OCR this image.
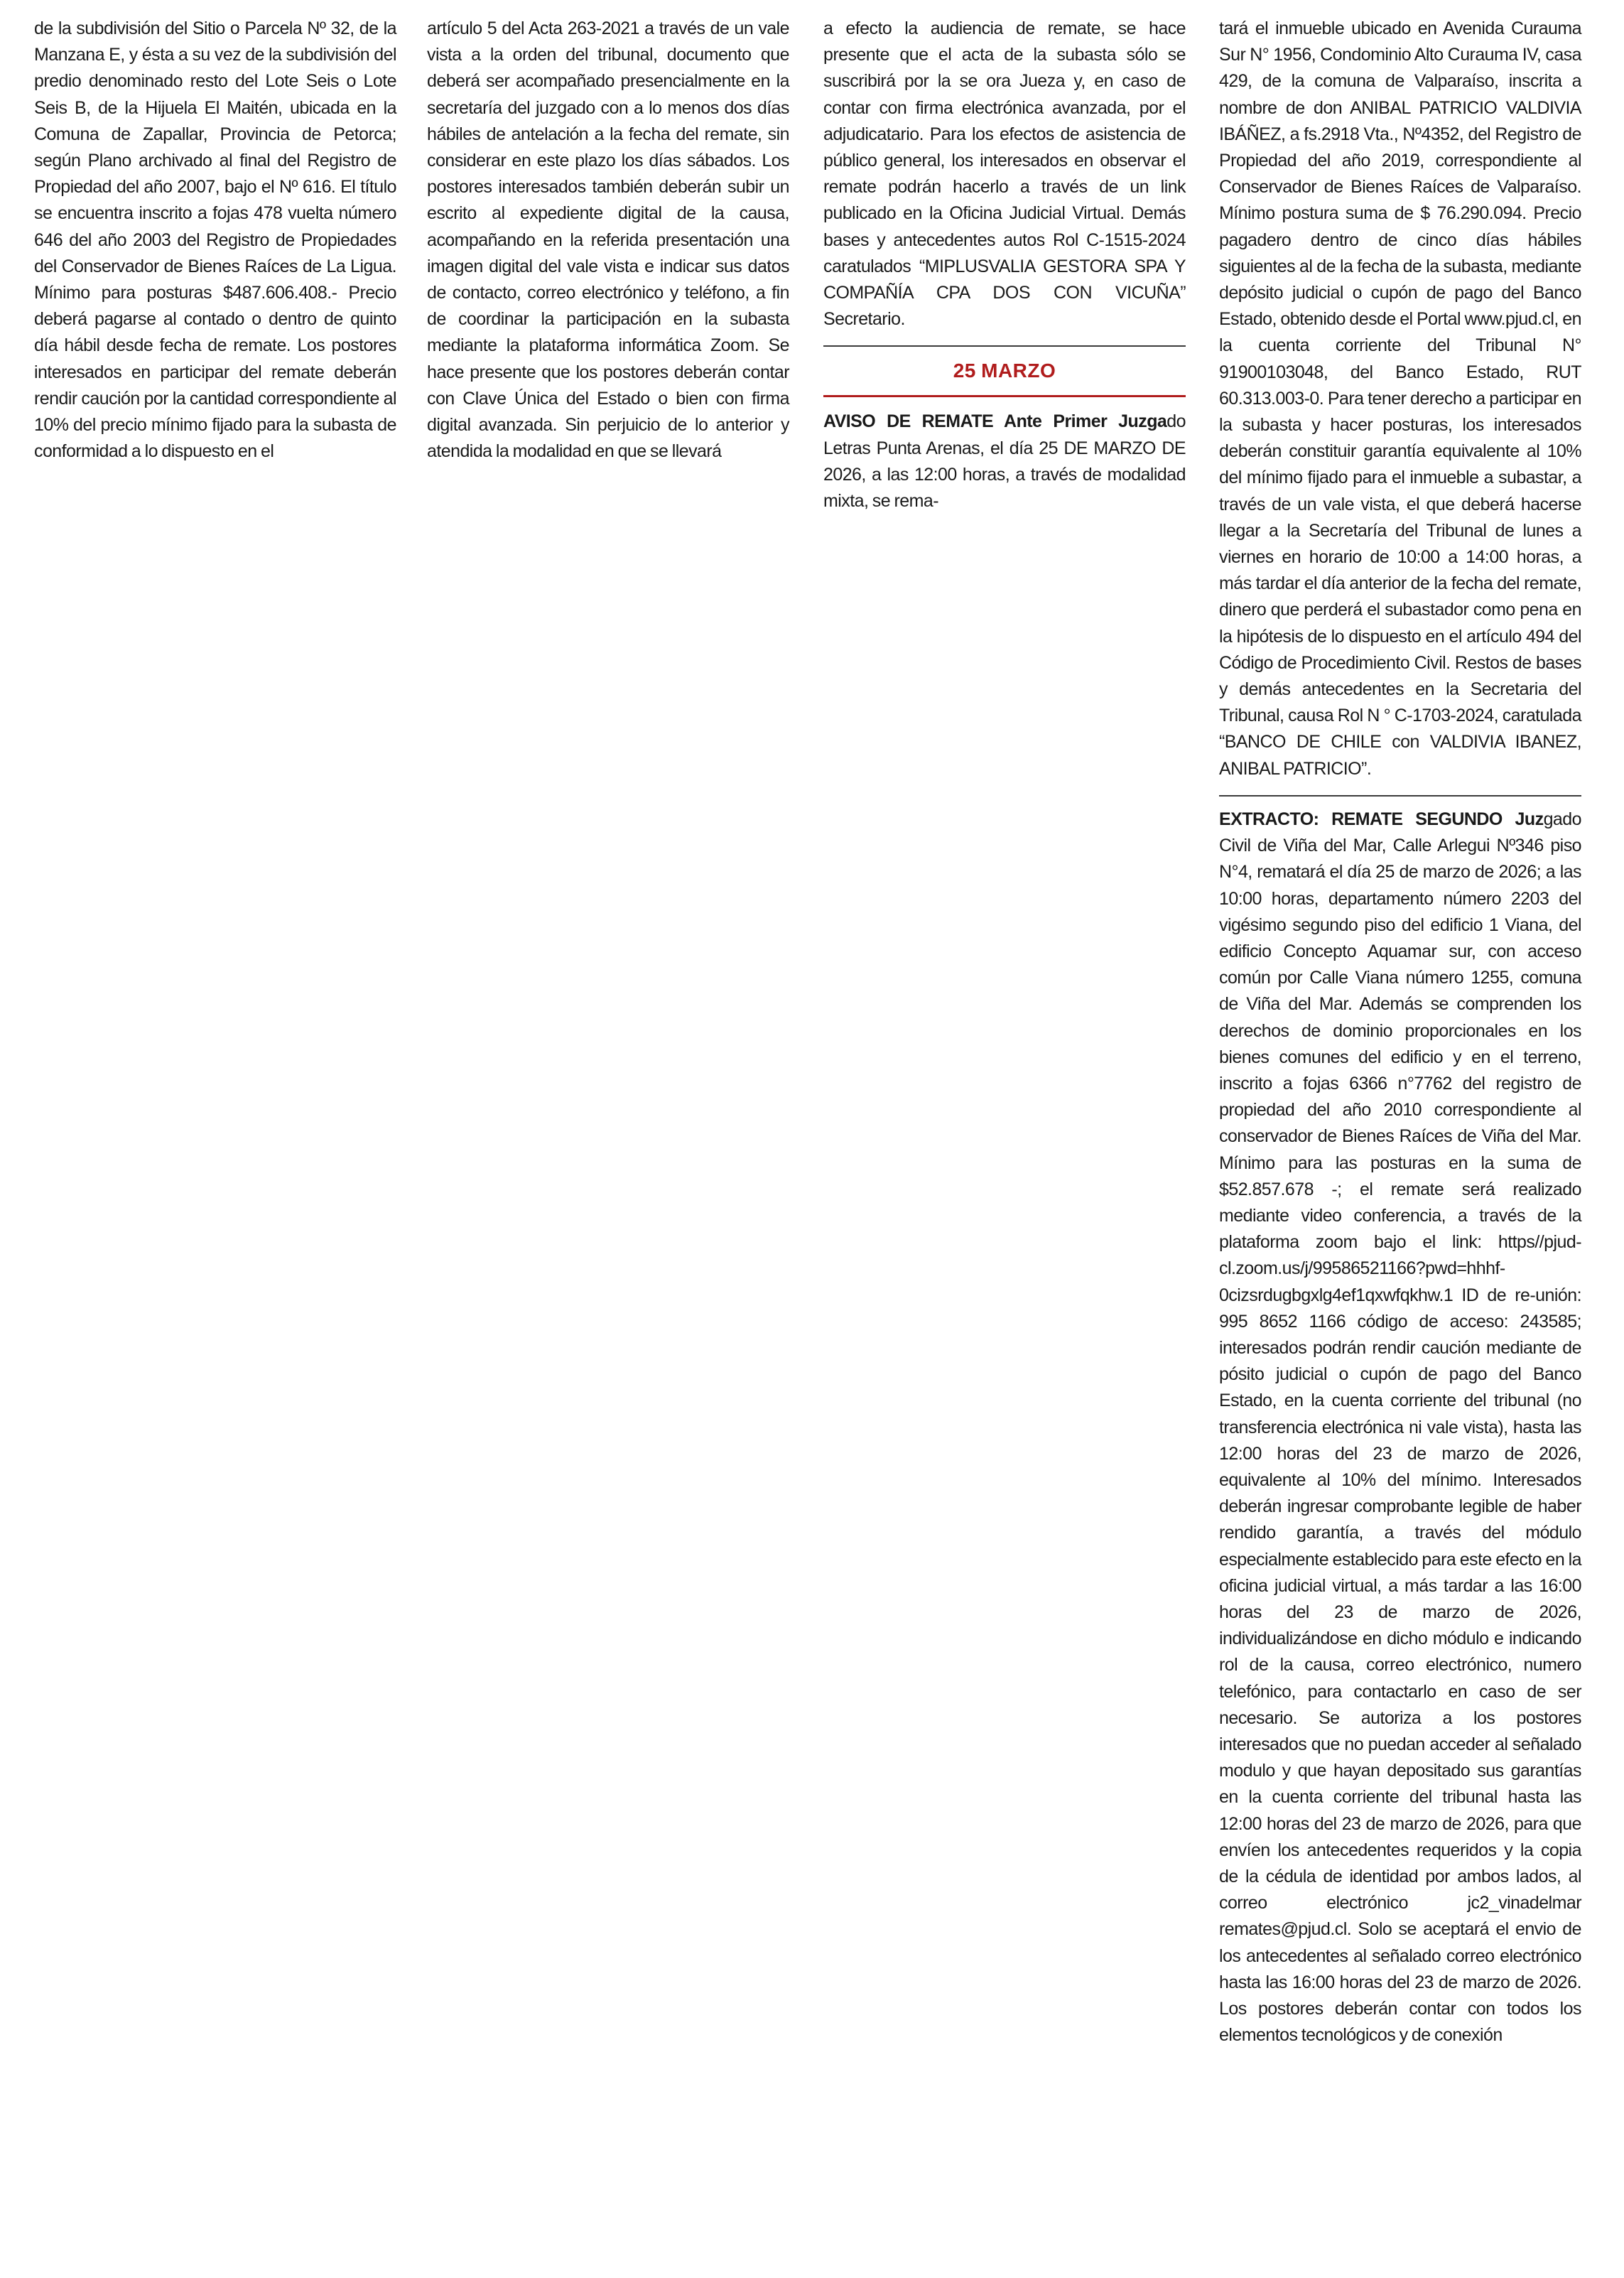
de la subdivisión del Sitio o Parcela Nº 32, de la Manzana E, y ésta a su vez de la subdivisión del predio denominado resto del Lote Seis o Lote Seis B, de la Hijuela El Maitén, ubicada en la Comuna de Zapallar, Provincia de Petorca; según Plano archivado al final del Registro de Propiedad del año 2007, bajo el Nº 616. El título se encuentra inscrito a fojas 478 vuelta número 646 del año 2003 del Registro de Propiedades del Conservador de Bienes Raíces de La Ligua. Mínimo para posturas $487.606.408.- Precio deberá pagarse al contado o dentro de quinto día hábil desde fecha de remate. Los postores interesados en participar del remate deberán rendir caución por la cantidad correspondiente al 10% del precio mínimo fijado para la subasta de conformidad a lo dispuesto en el

artículo 5 del Acta 263-2021 a través de un vale vista a la orden del tribunal, documento que deberá ser acompañado presencialmente en la secretaría del juzgado con a lo menos dos días hábiles de antelación a la fecha del remate, sin considerar en este plazo los días sábados. Los postores interesados también deberán subir un escrito al expediente digital de la causa, acompañando en la referida presentación una imagen digital del vale vista e indicar sus datos de contacto, correo electrónico y teléfono, a fin de coordinar la participación en la subasta mediante la plataforma informática Zoom. Se hace presente que los postores deberán contar con Clave Única del Estado o bien con firma digital avanzada. Sin perjuicio de lo anterior y atendida la modalidad en que se llevará

a efecto la audiencia de remate, se hace presente que el acta de la subasta sólo se suscribirá por la se ora Jueza y, en caso de contar con firma electrónica avanzada, por el adjudicatario. Para los efectos de asistencia de público general, los interesados en observar el remate podrán hacerlo a través de un link publicado en la Oficina Judicial Virtual. Demás bases y antecedentes autos Rol C-1515-2024 caratulados “MIPLUSVALIA GESTORA SPA Y COMPAÑÍA CPA DOS CON VICUÑA” Secretario.

25 MARZO

AVISO DE REMATE Ante Primer Juzgado Letras Punta Arenas, el día 25 DE MARZO DE 2026, a las 12:00 horas, a través de modalidad mixta, se rema-

tará el inmueble ubicado en Avenida Curauma Sur N° 1956, Condominio Alto Curauma IV, casa 429, de la comuna de Valparaíso, inscrita a nombre de don ANIBAL PATRICIO VALDIVIA IBÁÑEZ, a fs.2918 Vta., Nº4352, del Registro de Propiedad del año 2019, correspondiente al Conservador de Bienes Raíces de Valparaíso. Mínimo postura suma de $ 76.290.094. Precio pagadero dentro de cinco días hábiles siguientes al de la fecha de la subasta, mediante depósito judicial o cupón de pago del Banco Estado, obtenido desde el Portal www.pjud.cl, en la cuenta corriente del Tribunal N° 91900103048, del Banco Estado, RUT 60.313.003-0. Para tener derecho a participar en la subasta y hacer posturas, los interesados deberán constituir garantía equivalente al 10% del mínimo fijado para el inmueble a subastar, a través de un vale vista, el que deberá hacerse llegar a la Secretaría del Tribunal de lunes a viernes en horario de 10:00 a 14:00 horas, a más tardar el día anterior de la fecha del remate, dinero que perderá el subastador como pena en la hipótesis de lo dispuesto en el artículo 494 del Código de Procedimiento Civil. Restos de bases y demás antecedentes en la Secretaria del Tribunal, causa Rol N ° C-1703-2024, caratulada “BANCO DE CHILE con VALDIVIA IBANEZ, ANIBAL PATRICIO”.

EXTRACTO: REMATE SEGUNDO Juzgado Civil de Viña del Mar, Calle Arlegui Nº346 piso N°4, rematará el día 25 de marzo de 2026; a las 10:00 horas, departamento número 2203 del vigésimo segundo piso del edificio 1 Viana, del edificio Concepto Aquamar sur, con acceso común por Calle Viana número 1255, comuna de Viña del Mar. Además se comprenden los derechos de dominio proporcionales en los bienes comunes del edificio y en el terreno, inscrito a fojas 6366 n°7762 del registro de propiedad del año 2010 correspondiente al conservador de Bienes Raíces de Viña del Mar. Mínimo para las posturas en la suma de $52.857.678 -; el remate será realizado mediante video conferencia, a través de la plataforma zoom bajo el link: https//pjud-cl.zoom.us/j/99586521166?pwd=hhhf-0cizsrdugbgxlg4ef1qxwfqkhw.1 ID de re-unión: 995 8652 1166 código de acceso: 243585; interesados podrán rendir caución mediante de pósito judicial o cupón de pago del Banco Estado, en la cuenta corriente del tribunal (no transferencia electrónica ni vale vista), hasta las 12:00 horas del 23 de marzo de 2026, equivalente al 10% del mínimo. Interesados deberán ingresar comprobante legible de haber rendido garantía, a través del módulo especialmente establecido para este efecto en la oficina judicial virtual, a más tardar a las 16:00 horas del 23 de marzo de 2026, individualizándose en dicho módulo e indicando rol de la causa, correo electrónico, numero telefónico, para contactarlo en caso de ser necesario. Se autoriza a los postores interesados que no puedan acceder al señalado modulo y que hayan depositado sus garantías en la cuenta corriente del tribunal hasta las 12:00 horas del 23 de marzo de 2026, para que envíen los antecedentes requeridos y la copia de la cédula de identidad por ambos lados, al correo electrónico jc2_vinadelmar remates@pjud.cl. Solo se aceptará el envio de los antecedentes al señalado correo electrónico hasta las 16:00 horas del 23 de marzo de 2026. Los postores deberán contar con todos los elementos tecnológicos y de conexión
